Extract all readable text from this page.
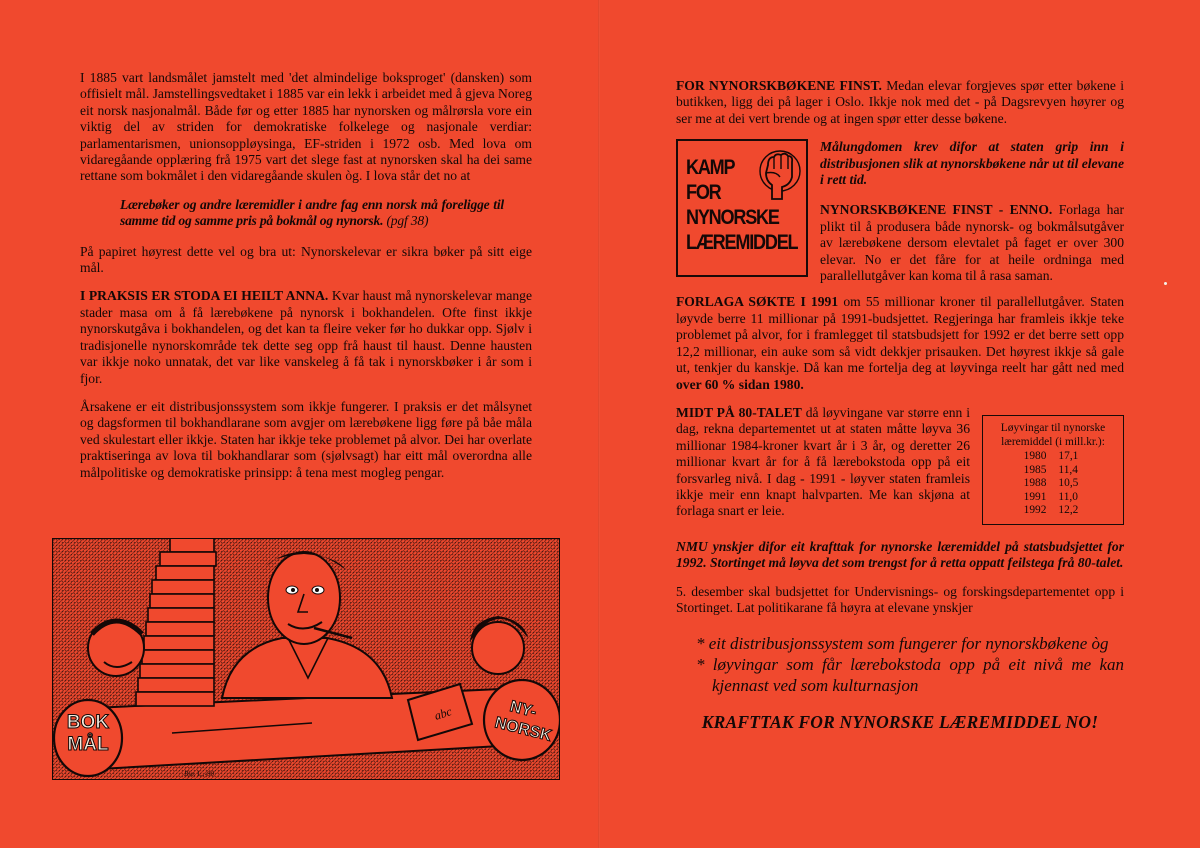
I 1885 vart landsmålet jamstelt med 'det almindelige boksproget' (dansken) som offisielt mål. Jamstellingsvedtaket i 1885 var ein lekk i arbeidet med å gjeva Noreg eit norsk nasjonalmål. Både før og etter 1885 har nynorsken og målrørsla vore ein viktig del av striden for demokratiske folkelege og nasjonale verdiar: parlamentarismen, unionsoppløysinga, EF-striden i 1972 osb. Med lova om vidaregåande opplæring frå 1975 vart det slege fast at nynorsken skal ha dei same rettane som bokmålet i den vidaregåande skulen òg. I lova står det no at

Lærebøker og andre læremidler i andre fag enn norsk må foreligge til samme tid og samme pris på bokmål og nynorsk. (pgf 38)

På papiret høyrest dette vel og bra ut: Nynorskelevar er sikra bøker på sitt eige mål.

I PRAKSIS ER STODA EI HEILT ANNA. Kvar haust må nynorskelevar mange stader masa om å få lærebøkene på nynorsk i bokhandelen. Ofte finst ikkje nynorskutgåva i bokhandelen, og det kan ta fleire veker før ho dukkar opp. Sjølv i tradisjonelle nynorskområde tek dette seg opp frå haust til haust. Denne hausten var ikkje noko unnatak, det var like vanskeleg å få tak i nynorskbøker i år som i fjor.

Årsakene er eit distribusjonssystem som ikkje fungerer. I praksis er det målsynet og dagsformen til bokhandlarane som avgjer om lærebøkene ligg føre på båe måla ved skulestart eller ikkje. Staten har ikkje teke problemet på alvor. Dei har overlate praktiseringa av lova til bokhandlarar som (sjølvsagt) har eitt mål overordna alle målpolitiske og demokratiske prinsipp: å tena mest mogleg pengar.

BOK
MÅL
abc	NY-
NORSK
Bjø. L..-90

FOR NYNORSKBØKENE FINST. Medan elevar forgjeves spør etter bøkene i butikken, ligg dei på lager i Oslo. Ikkje nok med det - på Dagsrevyen høyrer og ser me at dei vert brende og at ingen spør etter desse bøkene.

KAMP
FOR
NYNORSKE
LÆREMIDDEL

Målungdomen krev difor at staten grip inn i distribusjonen slik at nynorskbøkene når ut til elevane i rett tid.

NYNORSKBØKENE FINST - ENNO. Forlaga har plikt til å produsera både nynorsk- og bokmålsutgåver av lærebøkene dersom elevtalet på faget er over 300 elevar. No er det fåre for at heile ordninga med parallellutgåver kan koma til å rasa saman.

FORLAGA SØKTE I 1991 om 55 millionar kroner til parallellutgåver. Staten løyvde berre 11 millionar på 1991-budsjettet. Regjeringa har framleis ikkje teke problemet på alvor, for i framlegget til statsbudsjett for 1992 er det berre sett opp 12,2 millionar, ein auke som så vidt dekkjer prisauken. Det høyrest ikkje så gale ut, tenkjer du kanskje. Då kan me fortelja deg at løyvinga reelt har gått ned med over 60 % sidan 1980.

MIDT PÅ 80-TALET då løyvingane var større enn i dag, rekna departementet ut at staten måtte løyva 36 millionar 1984-kroner kvart år i 3 år, og deretter 26 millionar kvart år for å få lærebokstoda opp på eit forsvarleg nivå. I dag - 1991 - løyver staten framleis ikkje meir enn knapt halvparten. Me kan skjøna at forlaga snart er leie.

Løyvingar til nynorske
læremiddel (i mill.kr.):
1980	17,1
1985	11,4
1988	10,5
1991	11,0
1992	12,2

NMU ynskjer difor eit krafttak for nynorske læremiddel på statsbudsjettet for 1992. Stortinget må løyva det som trengst for å retta oppatt feilstega frå 80-talet.

5. desember skal budsjettet for Undervisnings- og forskingsdepartementet opp i Stortinget. Lat politikarane få høyra at elevane ynskjer

* eit distribusjonssystem som fungerer for nynorskbøkene òg
* løyvingar som får lærebokstoda opp på eit nivå me kan kjennast ved som kulturnasjon
KRAFTTAK FOR NYNORSKE LÆREMIDDEL NO!
